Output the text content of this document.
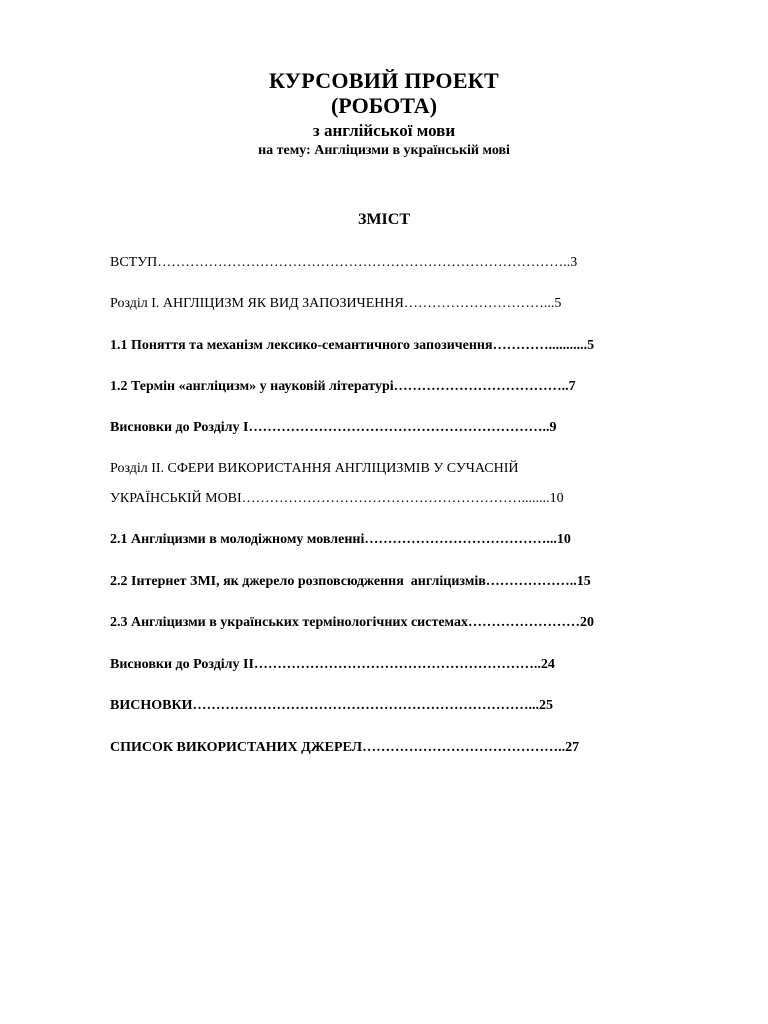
КУРСОВИЙ ПРОЕКТ
(РОБОТА)
з англійської мови
на тему: Англіцизми в українській мові
ЗМІСТ
ВСТУП……………………………………………………………………………..3
Розділ І. АНГЛІЦИЗМ ЯК ВИД ЗАПОЗИЧЕННЯ…………………………...5
1.1 Поняття та механізм лексико-семантичного запозичення…………...........5
1.2 Термін «англіцизм» у науковій літературі………………………………..7
Висновки до Розділу І………………………………………………………..9
Розділ ІІ. СФЕРИ ВИКОРИСТАННЯ АНГЛІЦИЗМІВ У СУЧАСНІЙ
УКРАЇНСЬКІЙ МОВІ……………………………………………………........10
2.1 Англіцизми в молодіжному мовленні…………………………………...10
2.2 Інтернет ЗМІ, як джерело розповсюдження  англіцизмів………………..15
2.3 Англіцизми в українських термінологічних системах……………………20
Висновки до Розділу ІІ……………………………………………………..24
ВИСНОВКИ………………………………………………………………...25
СПИСОК ВИКОРИСТАНИХ ДЖЕРЕЛ……………………………………..27
